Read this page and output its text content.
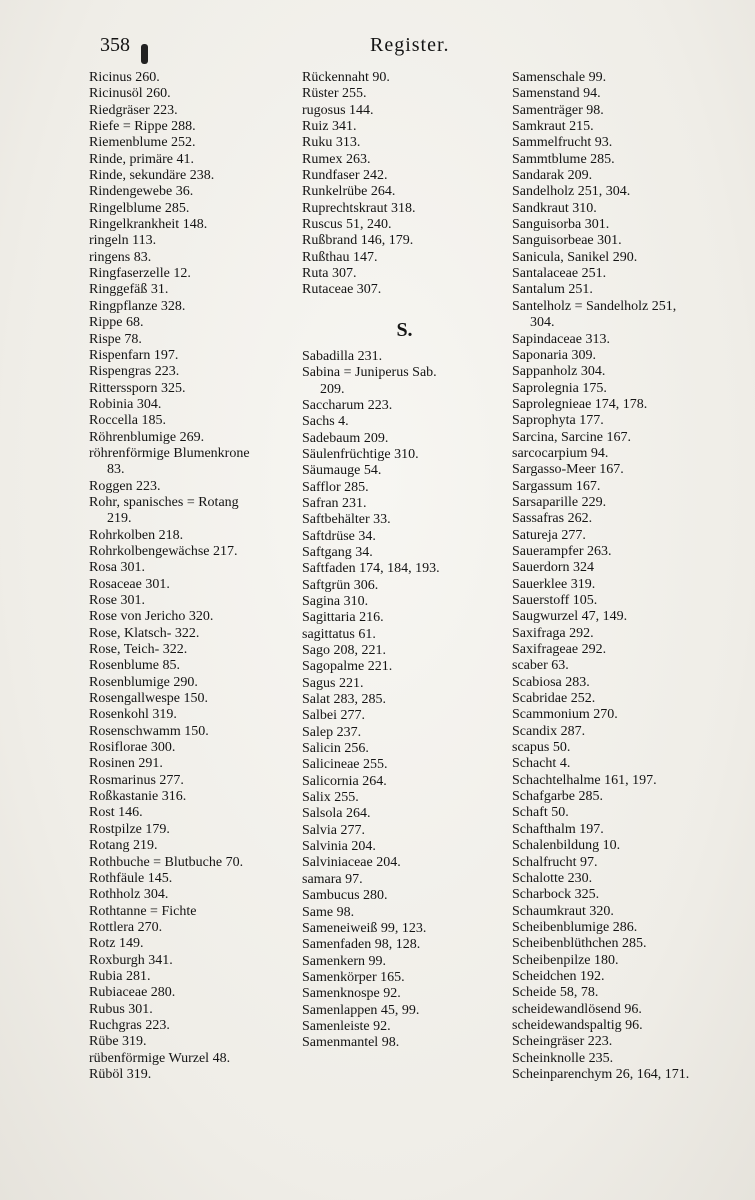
358	Register.
Ricinus 260.
Ricinusöl 260.
Riedgräser 223.
Riefe = Rippe 288.
Riemenblume 252.
Rinde, primäre 41.
Rinde, sekundäre 238.
Rindengewebe 36.
Ringelblume 285.
Ringelkrankheit 148.
ringeln 113.
ringens 83.
Ringfaserzelle 12.
Ringgefäß 31.
Ringpflanze 328.
Rippe 68.
Rispe 78.
Rispenfarn 197.
Rispengras 223.
Ritterssporn 325.
Robinia 304.
Roccella 185.
Röhrenblumige 269.
röhrenförmige Blumenkrone
83.
Roggen 223.
Rohr, spanisches = Rotang
219.
Rohrkolben 218.
Rohrkolbengewächse 217.
Rosa 301.
Rosaceae 301.
Rose 301.
Rose von Jericho 320.
Rose, Klatsch- 322.
Rose, Teich- 322.
Rosenblume 85.
Rosenblumige 290.
Rosengallwespe 150.
Rosenkohl 319.
Rosenschwamm 150.
Rosiflorae 300.
Rosinen 291.
Rosmarinus 277.
Roßkastanie 316.
Rost 146.
Rostpilze 179.
Rotang 219.
Rothbuche = Blutbuche 70.
Rothfäule 145.
Rothholz 304.
Rothtanne = Fichte
Rottlera 270.
Rotz 149.
Roxburgh 341.
Rubia 281.
Rubiaceae 280.
Rubus 301.
Ruchgras 223.
Rübe 319.
rübenförmige Wurzel 48.
Rüböl 319.
Rückennaht 90.
Rüster 255.
rugosus 144.
Ruiz 341.
Ruku 313.
Rumex 263.
Rundfaser 242.
Runkelrübe 264.
Ruprechtskraut 318.
Ruscus 51, 240.
Rußbrand 146, 179.
Rußthau 147.
Ruta 307.
Rutaceae 307.
S.
Sabadilla 231.
Sabina = Juniperus Sab.
209.
Saccharum 223.
Sachs 4.
Sadebaum 209.
Säulenfrüchtige 310.
Säumauge 54.
Safflor 285.
Safran 231.
Saftbehälter 33.
Saftdrüse 34.
Saftgang 34.
Saftfaden 174, 184, 193.
Saftgrün 306.
Sagina 310.
Sagittaria 216.
sagittatus 61.
Sago 208, 221.
Sagopalme 221.
Sagus 221.
Salat 283, 285.
Salbei 277.
Salep 237.
Salicin 256.
Salicineae 255.
Salicornia 264.
Salix 255.
Salsola 264.
Salvia 277.
Salvinia 204.
Salviniaceae 204.
samara 97.
Sambucus 280.
Same 98.
Sameneiweiß 99, 123.
Samenfaden 98, 128.
Samenkern 99.
Samenkörper 165.
Samenknospe 92.
Samenlappen 45, 99.
Samenleiste 92.
Samenmantel 98.
Samenschale 99.
Samenstand 94.
Samenträger 98.
Samkraut 215.
Sammelfrucht 93.
Sammtblume 285.
Sandarak 209.
Sandelholz 251, 304.
Sandkraut 310.
Sanguisorba 301.
Sanguisorbeae 301.
Sanicula, Sanikel 290.
Santalaceae 251.
Santalum 251.
Santelholz = Sandelholz 251,
304.
Sapindaceae 313.
Saponaria 309.
Sappanholz 304.
Saprolegnia 175.
Saprolegnieae 174, 178.
Saprophyta 177.
Sarcina, Sarcine 167.
sarcocarpium 94.
Sargasso-Meer 167.
Sargassum 167.
Sarsaparille 229.
Sassafras 262.
Satureja 277.
Sauerampfer 263.
Sauerdorn 324
Sauerklee 319.
Sauerstoff 105.
Saugwurzel 47, 149.
Saxifraga 292.
Saxifrageae 292.
scaber 63.
Scabiosa 283.
Scabridae 252.
Scammonium 270.
Scandix 287.
scapus 50.
Schacht 4.
Schachtelhalme 161, 197.
Schafgarbe 285.
Schaft 50.
Schafthalm 197.
Schalenbildung 10.
Schalfrucht 97.
Schalotte 230.
Scharbock 325.
Schaumkraut 320.
Scheibenblumige 286.
Scheibenblüthchen 285.
Scheibenpilze 180.
Scheidchen 192.
Scheide 58, 78.
scheidewandlösend 96.
scheidewandspaltig 96.
Scheingräser 223.
Scheinknolle 235.
Scheinparenchym 26, 164, 171.
